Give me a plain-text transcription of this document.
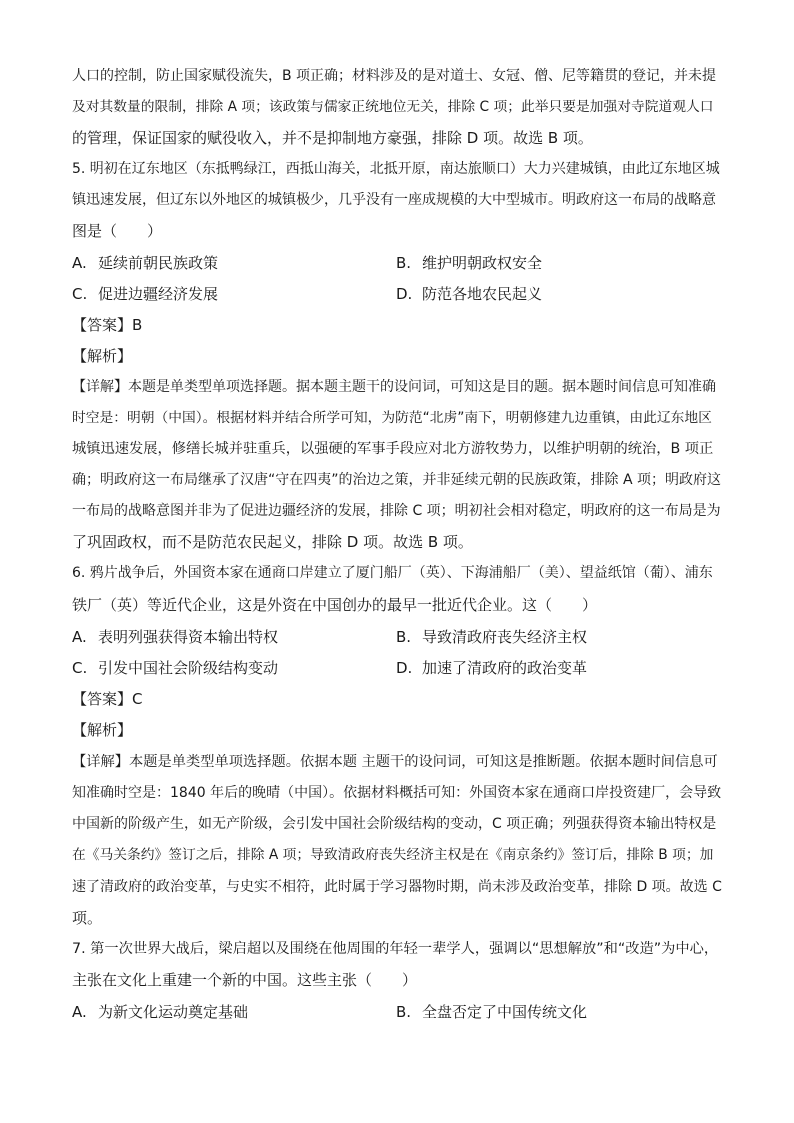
人口的控制，防止国家赋役流失，B 项正确；材料涉及的是对道士、女冠、僧、尼等籍贯的登记，并未提
及对其数量的限制，排除 A 项；该政策与儒家正统地位无关，排除 C 项；此举只要是加强对寺院道观人口
的管理，保证国家的赋役收入，并不是抑制地方豪强，排除 D 项。故选 B 项。
5. 明初在辽东地区（东抵鸭绿江，西抵山海关，北抵开原，南达旅顺口）大力兴建城镇，由此辽东地区城
镇迅速发展，但辽东以外地区的城镇极少，几乎没有一座成规模的大中型城市。明政府这一布局的战略意
图是（　　）
A. 延续前朝民族政策	B. 维护明朝政权安全
C. 促进边疆经济发展	D. 防范各地农民起义
【答案】B
【解析】
【详解】本题是单类型单项选择题。据本题主题干的设问词，可知这是目的题。据本题时间信息可知准确
时空是：明朝（中国）。根据材料并结合所学可知，为防范“北虏”南下，明朝修建九边重镇，由此辽东地区
城镇迅速发展，修缮长城并驻重兵，以强硬的军事手段应对北方游牧势力，以维护明朝的统治，B 项正
确；明政府这一布局继承了汉唐“守在四夷”的治边之策，并非延续元朝的民族政策，排除 A 项；明政府这
一布局的战略意图并非为了促进边疆经济的发展，排除 C 项；明初社会相对稳定，明政府的这一布局是为
了巩固政权，而不是防范农民起义，排除 D 项。故选 B 项。
6. 鸦片战争后，外国资本家在通商口岸建立了厦门船厂（英）、下海浦船厂（美）、望益纸馆（葡）、浦东
铁厂（英）等近代企业，这是外资在中国创办的最早一批近代企业。这（　　）
A. 表明列强获得资本输出特权	B. 导致清政府丧失经济主权
C. 引发中国社会阶级结构变动	D. 加速了清政府的政治变革
【答案】C
【解析】
【详解】本题是单类型单项选择题。依据本题 主题干的设问词，可知这是推断题。依据本题时间信息可
知准确时空是：1840 年后的晚晴（中国）。依据材料概括可知：外国资本家在通商口岸投资建厂，会导致
中国新的阶级产生，如无产阶级，会引发中国社会阶级结构的变动，C 项正确；列强获得资本输出特权是
在《马关条约》签订之后，排除 A 项；导致清政府丧失经济主权是在《南京条约》签订后，排除 B 项；加
速了清政府的政治变革，与史实不相符，此时属于学习器物时期，尚未涉及政治变革，排除 D 项。故选 C
项。
7. 第一次世界大战后，梁启超以及围绕在他周围的年轻一辈学人，强调以“思想解放”和“改造”为中心，
主张在文化上重建一个新的中国。这些主张（　　）
A. 为新文化运动奠定基础	B. 全盘否定了中国传统文化
